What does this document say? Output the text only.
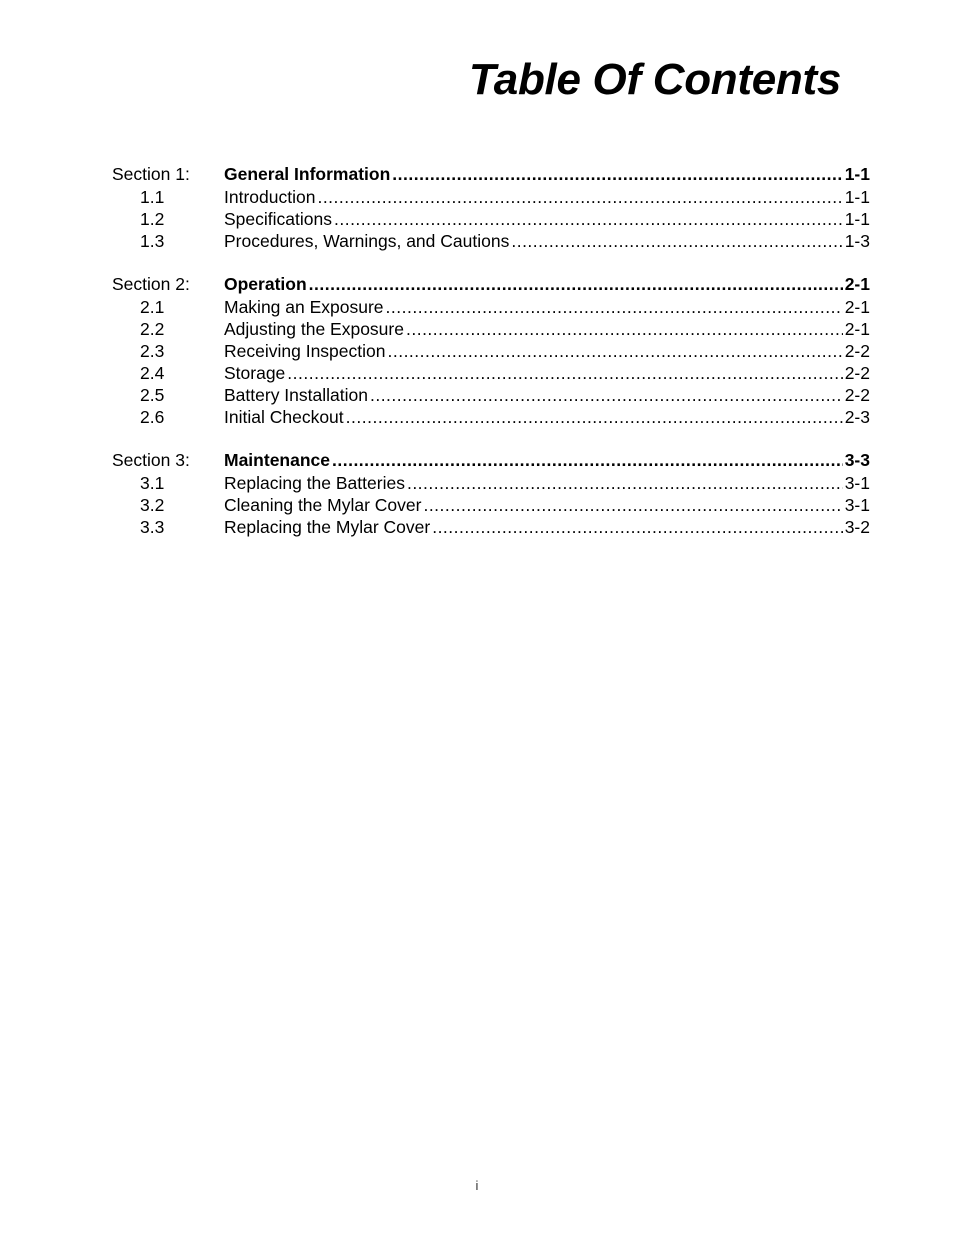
Table Of Contents
Section 1:	General Information .....	1-1
1.1	Introduction .....	1-1
1.2	Specifications .....	1-1
1.3	Procedures, Warnings, and Cautions .....	1-3
Section 2:	Operation .....	2-1
2.1	Making an Exposure .....	2-1
2.2	Adjusting the Exposure .....	2-1
2.3	Receiving Inspection .....	2-2
2.4	Storage .....	2-2
2.5	Battery Installation .....	2-2
2.6	Initial Checkout .....	2-3
Section 3:	Maintenance .....	3-3
3.1	Replacing the Batteries .....	3-1
3.2	Cleaning the Mylar Cover .....	3-1
3.3	Replacing the Mylar Cover .....	3-2
i
